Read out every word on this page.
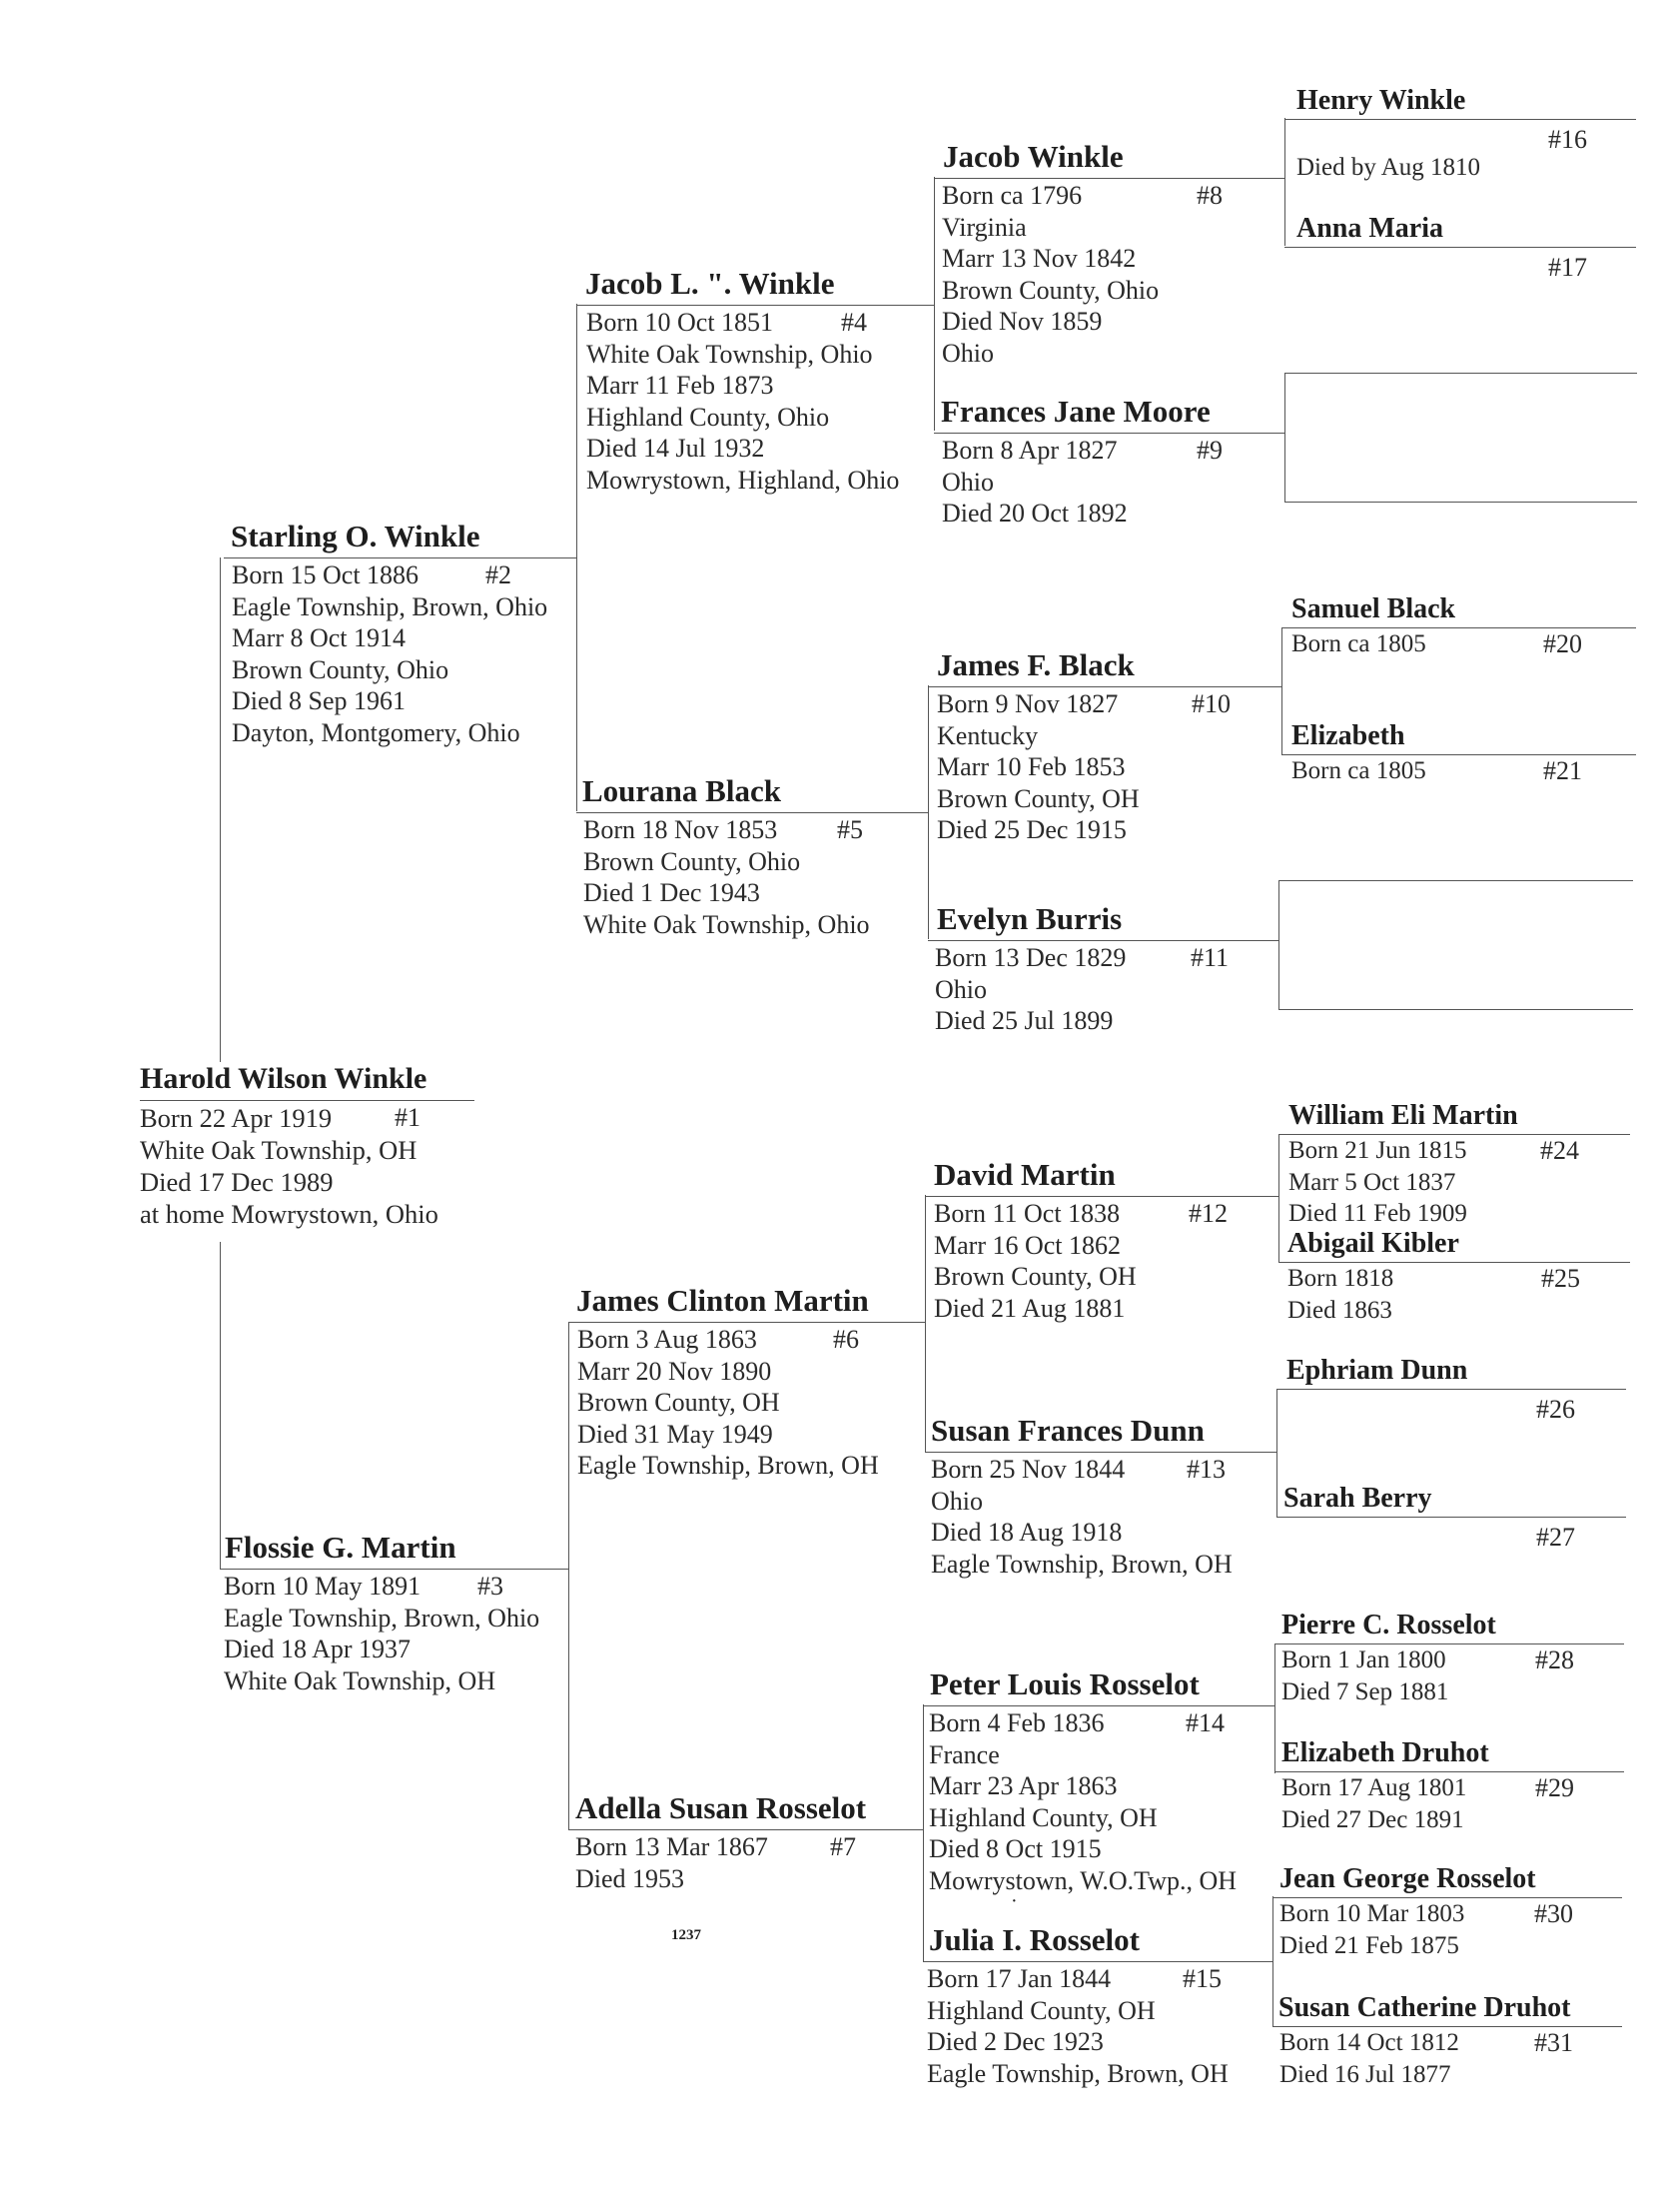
Harold Wilson Winkle
Born 22 Apr 1919
White Oak Township, OH
Died 17 Dec 1989
at home Mowrystown, Ohio
#1
Starling O. Winkle
Born 15 Oct 1886
Eagle Township, Brown, Ohio
Marr 8 Oct 1914
Brown County, Ohio
Died 8 Sep 1961
Dayton, Montgomery, Ohio
#2
Flossie G. Martin
Born 10 May 1891
Eagle Township, Brown, Ohio
Died 18 Apr 1937
White Oak Township, OH
#3
Jacob L. ". Winkle
Born 10 Oct 1851
White Oak Township, Ohio
Marr 11 Feb 1873
Highland County, Ohio
Died 14 Jul 1932
Mowrystown, Highland, Ohio
#4
Lourana Black
Born 18 Nov 1853
Brown County, Ohio
Died 1 Dec 1943
White Oak Township, Ohio
#5
James Clinton Martin
Born 3 Aug 1863
Marr 20 Nov 1890
Brown County, OH
Died 31 May 1949
Eagle Township, Brown, OH
#6
Adella Susan Rosselot
Born 13 Mar 1867
Died 1953
#7
Jacob Winkle
Born ca 1796
Virginia
Marr 13 Nov 1842
Brown County, Ohio
Died Nov 1859
Ohio
#8
Frances Jane Moore
Born 8 Apr 1827
Ohio
Died 20 Oct 1892
#9
James F. Black
Born 9 Nov 1827
Kentucky
Marr 10 Feb 1853
Brown County, OH
Died 25 Dec 1915
#10
Evelyn Burris
Born 13 Dec 1829
Ohio
Died 25 Jul 1899
#11
David Martin
Born 11 Oct 1838
Marr 16 Oct 1862
Brown County, OH
Died 21 Aug 1881
#12
Susan Frances Dunn
Born 25 Nov 1844
Ohio
Died 18 Aug 1918
Eagle Township, Brown, OH
#13
Peter Louis Rosselot
Born 4 Feb 1836
France
Marr 23 Apr 1863
Highland County, OH
Died 8 Oct 1915
Mowrystown, W.O.Twp., OH
#14
Julia I. Rosselot
Born 17 Jan 1844
Highland County, OH
Died 2 Dec 1923
Eagle Township, Brown, OH
#15
Henry Winkle
Died by Aug 1810
#16
Anna Maria
#17
Samuel Black
Born ca 1805	#20
Elizabeth
Born ca 1805	#21
William Eli Martin
Born 21 Jun 1815
Marr 5 Oct 1837
Died 11 Feb 1909
#24
Abigail Kibler
Born 1818
Died 1863
#25
Ephriam Dunn
#26
Sarah Berry
#27
Pierre C. Rosselot
Born 1 Jan 1800
Died 7 Sep 1881
#28
Elizabeth Druhot
Born 17 Aug 1801
Died 27 Dec 1891
#29
Jean George Rosselot
Born 10 Mar 1803
Died 21 Feb 1875
#30
Susan Catherine Druhot
Born 14 Oct 1812
Died 16 Jul 1877
#31
·
1237
